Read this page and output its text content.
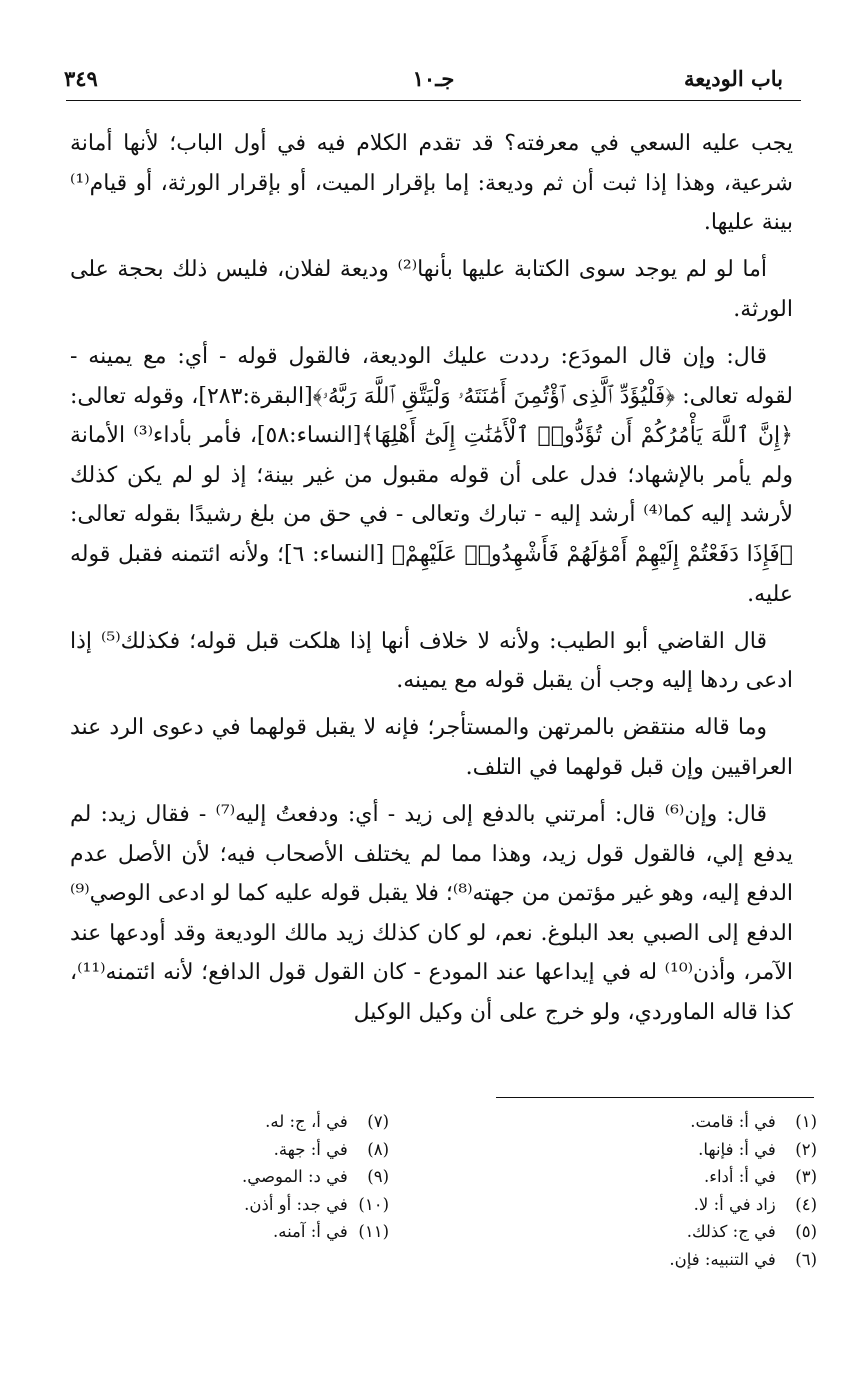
باب الوديعة
جـ١٠
٣٤٩

يجب عليه السعي في معرفته؟ قد تقدم الكلام فيه في أول الباب؛ لأنها أمانة شرعية، وهذا إذا ثبت أن ثم وديعة: إما بإقرار الميت، أو بإقرار الورثة، أو قيام⁽¹⁾ بينة عليها.

أما لو لم يوجد سوى الكتابة عليها بأنها⁽²⁾ وديعة لفلان، فليس ذلك بحجة على الورثة.

قال: وإن قال المودَع: رددت عليك الوديعة، فالقول قوله - أي: مع يمينه - لقوله تعالى: ﴿فَلْيُؤَدِّ ٱلَّذِى ٱؤْتُمِنَ أَمَٰنَتَهُۥ وَلْيَتَّقِ ٱللَّهَ رَبَّهُۥ﴾[البقرة:٢٨٣]، وقوله تعالى: ﴿إِنَّ ٱللَّهَ يَأْمُرُكُمْ أَن تُؤَدُّوا۟ ٱلْأَمَٰنَٰتِ إِلَىٰٓ أَهْلِهَا﴾[النساء:٥٨]، فأمر بأداء⁽³⁾ الأمانة ولم يأمر بالإشهاد؛ فدل على أن قوله مقبول من غير بينة؛ إذ لو لم يكن كذلك لأرشد إليه كما⁽⁴⁾ أرشد إليه - تبارك وتعالى - في حق من بلغ رشيدًا بقوله تعالى:﴿فَإِذَا دَفَعْتُمْ إِلَيْهِمْ أَمْوَٰلَهُمْ فَأَشْهِدُوا۟ عَلَيْهِمْ﴾ [النساء: ٦]؛ ولأنه ائتمنه فقبل قوله عليه.

قال القاضي أبو الطيب: ولأنه لا خلاف أنها إذا هلكت قبل قوله؛ فكذلك⁽⁵⁾ إذا ادعى ردها إليه وجب أن يقبل قوله مع يمينه.

وما قاله منتقض بالمرتهن والمستأجر؛ فإنه لا يقبل قولهما في دعوى الرد عند العراقيين وإن قبل قولهما في التلف.

قال: وإن⁽⁶⁾ قال: أمرتني بالدفع إلى زيد - أي: ودفعتُ إليه⁽⁷⁾ - فقال زيد: لم يدفع إلي، فالقول قول زيد، وهذا مما لم يختلف الأصحاب فيه؛ لأن الأصل عدم الدفع إليه، وهو غير مؤتمن من جهته⁽⁸⁾؛ فلا يقبل قوله عليه كما لو ادعى الوصي⁽⁹⁾ الدفع إلى الصبي بعد البلوغ. نعم، لو كان كذلك زيد مالك الوديعة وقد أودعها عند الآمر، وأذن⁽¹⁰⁾ له في إيداعها عند المودع - كان القول قول الدافع؛ لأنه ائتمنه⁽¹¹⁾، كذا قاله الماوردي، ولو خرج على أن وكيل الوكيل

(١) في أ: قامت.
(٢) في أ: فإنها.
(٣) في أ: أداء.
(٤) زاد في أ: لا.
(٥) في ج: كذلك.
(٦) في التنبيه: فإن.
(٧) في أ، ج: له.
(٨) في أ: جهة.
(٩) في د: الموصي.
(١٠) في جد: أو أذن.
(١١) في أ: آمنه.
